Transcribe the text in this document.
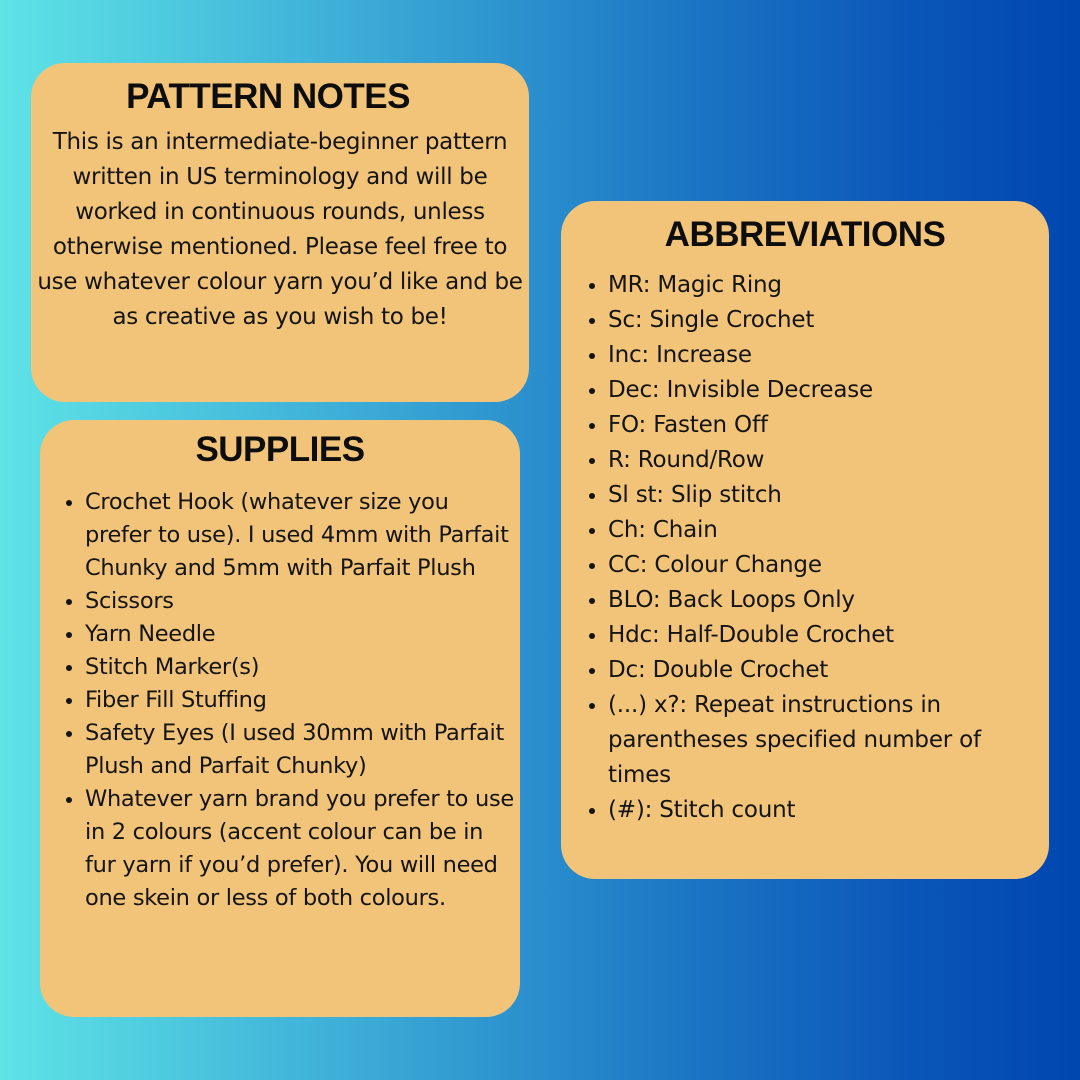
PATTERN NOTES

This is an intermediate-beginner pattern written in US terminology and will be worked in continuous rounds, unless otherwise mentioned. Please feel free to use whatever colour yarn you’d like and be as creative as you wish to be!

SUPPLIES
• Crochet Hook (whatever size you prefer to use). I used 4mm with Parfait Chunky and 5mm with Parfait Plush
• Scissors
• Yarn Needle
• Stitch Marker(s)
• Fiber Fill Stuffing
• Safety Eyes (I used 30mm with Parfait Plush and Parfait Chunky)
• Whatever yarn brand you prefer to use in 2 colours (accent colour can be in fur yarn if you’d prefer). You will need one skein or less of both colours.
ABBREVIATIONS
• MR: Magic Ring
• Sc: Single Crochet
• Inc: Increase
• Dec: Invisible Decrease
• FO: Fasten Off
• R: Round/Row
• Sl st: Slip stitch
• Ch: Chain
• CC: Colour Change
• BLO: Back Loops Only
• Hdc: Half-Double Crochet
• Dc: Double Crochet
• (...) x?: Repeat instructions in parentheses specified number of times
• (#): Stitch count
